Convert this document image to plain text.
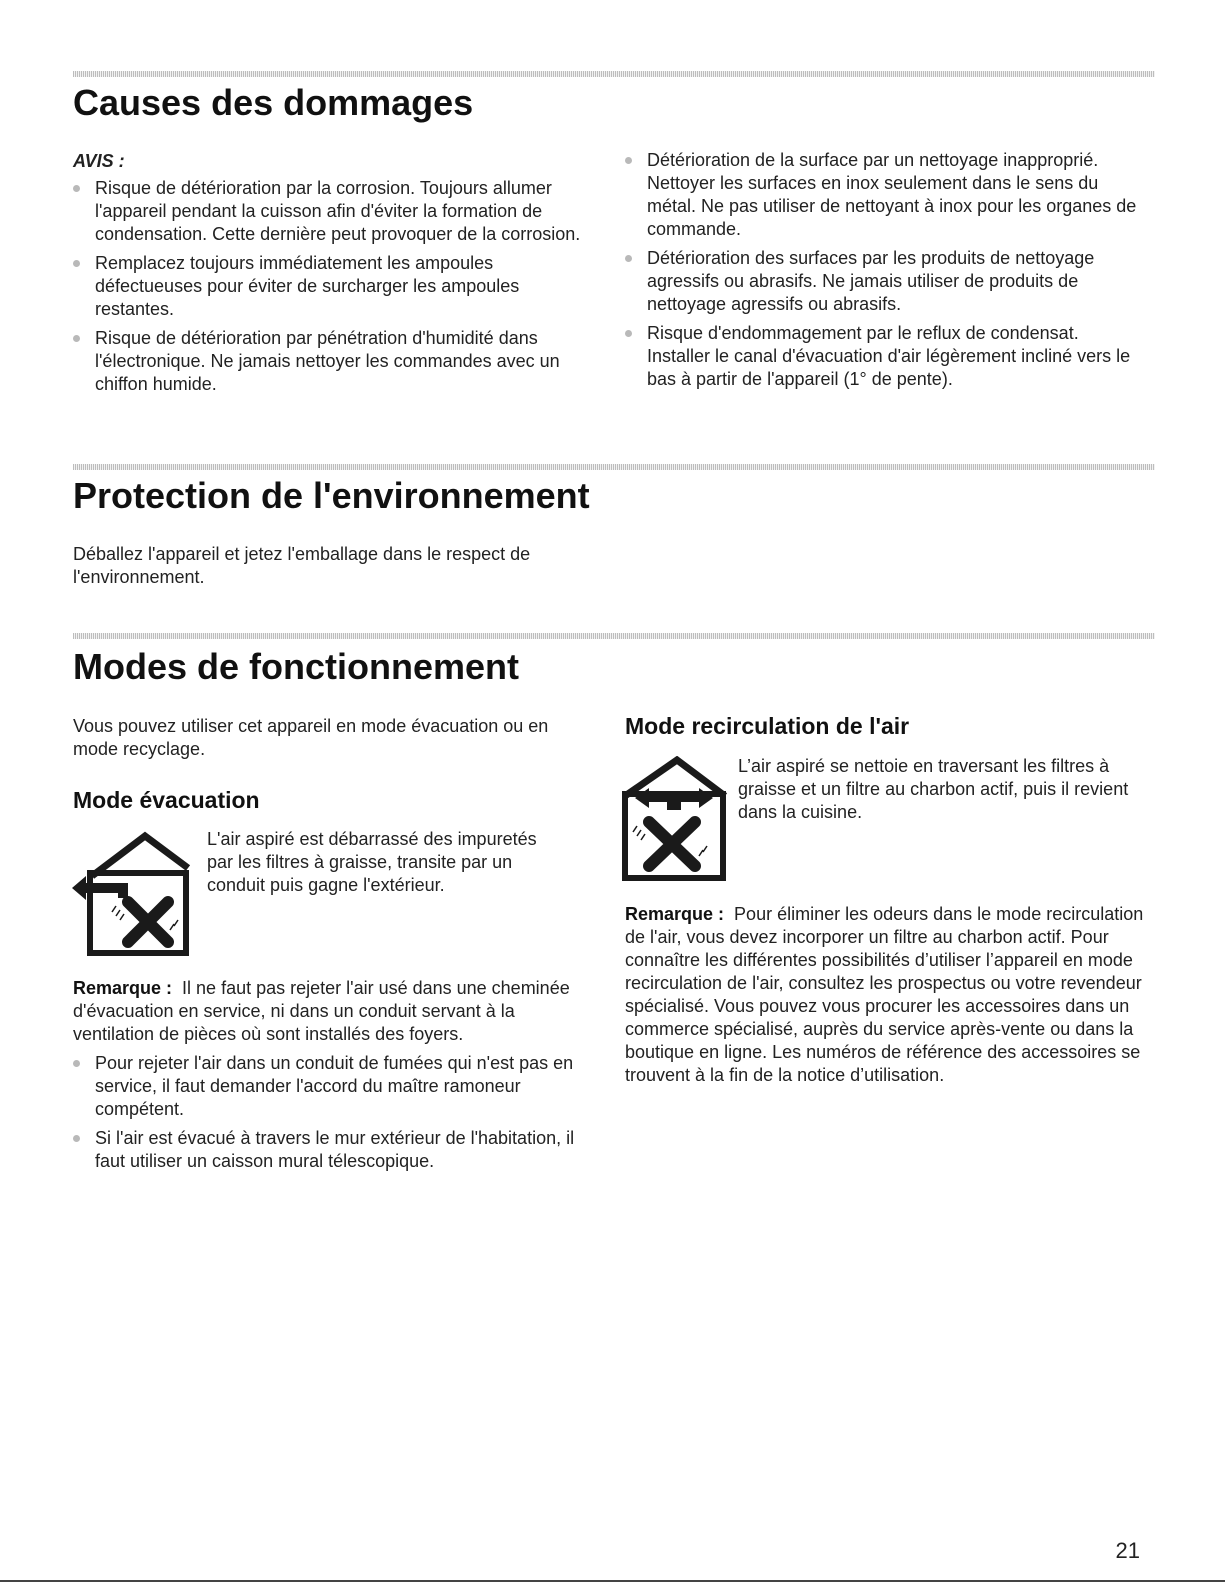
Causes des dommages

AVIS :

Risque de détérioration par la corrosion. Toujours allumer l'appareil pendant la cuisson afin d'éviter la formation de condensation. Cette dernière peut provoquer de la corrosion.
Remplacez toujours immédiatement les ampoules défectueuses pour éviter de surcharger les ampoules restantes.
Risque de détérioration par pénétration d'humidité dans l'électronique. Ne jamais nettoyer les commandes avec un chiffon humide.
Détérioration de la surface par un nettoyage inapproprié. Nettoyer les surfaces en inox seulement dans le sens du métal. Ne pas utiliser de nettoyant à inox pour les organes de commande.
Détérioration des surfaces par les produits de nettoyage agressifs ou abrasifs. Ne jamais utiliser de produits de nettoyage agressifs ou abrasifs.
Risque d'endommagement par le reflux de condensat. Installer le canal d'évacuation d'air légèrement incliné vers le bas à partir de l'appareil (1° de pente).
Protection de l'environnement

Déballez l'appareil et jetez l'emballage dans le respect de l'environnement.

Modes de fonctionnement

Vous pouvez utiliser cet appareil en mode évacuation ou en mode recyclage.

Mode évacuation

L'air aspiré est débarrassé des impuretés par les filtres à graisse, transite par un conduit puis gagne l'extérieur.

Remarque : Il ne faut pas rejeter l'air usé dans une cheminée d'évacuation en service, ni dans un conduit servant à la ventilation de pièces où sont installés des foyers.

Pour rejeter l'air dans un conduit de fumées qui n'est pas en service, il faut demander l'accord du maître ramoneur compétent.
Si l'air est évacué à travers le mur extérieur de l'habitation, il faut utiliser un caisson mural télescopique.
Mode recirculation de l'air

L’air aspiré se nettoie en traversant les filtres à graisse et un filtre au charbon actif, puis il revient dans la cuisine.

Remarque : Pour éliminer les odeurs dans le mode recirculation de l'air, vous devez incorporer un filtre au charbon actif. Pour connaître les différentes possibilités d’utiliser l’appareil en mode recirculation de l'air, consultez les prospectus ou votre revendeur spécialisé. Vous pouvez vous procurer les accessoires dans un commerce spécialisé, auprès du service après-vente ou dans la boutique en ligne. Les numéros de référence des accessoires se trouvent à la fin de la notice d’utilisation.

21
